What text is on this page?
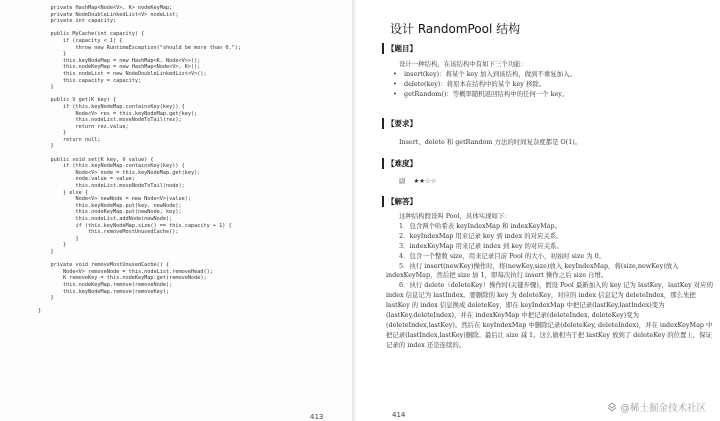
private HashMap<Node<V>, K> nodeKeyMap;
private NodeDoubleLinkedList<V> nodeList;
private int capacity;
public MyCache(int capacity) {
if (capacity < 1) {
throw new RuntimeException("should be more than 0.");
}
this.keyNodeMap = new HashMap<K, Node<V>>();
this.nodeKeyMap = new HashMap<Node<V>, K>();
this.nodeList = new NodeDoubleLinkedList<V>();
this.capacity = capacity;
}
public V get(K key) {
if (this.keyNodeMap.containsKey(key)) {
Node<V> res = this.keyNodeMap.get(key);
this.nodeList.moveNodeToTail(res);
return res.value;
}
return null;
}
public void set(K key, V value) {
if (this.keyNodeMap.containsKey(key)) {
Node<V> node = this.keyNodeMap.get(key);
node.value = value;
this.nodeList.moveNodeToTail(node);
} else {
Node<V> newNode = new Node<V>(value);
this.keyNodeMap.put(key, newNode);
this.nodeKeyMap.put(newNode, key);
this.nodeList.addNode(newNode);
if (this.keyNodeMap.size() == this.capacity + 1) {
this.removeMostUnusedCache();
}
}
}
private void removeMostUnusedCache() {
Node<V> removeNode = this.nodeList.removeHead();
K removeKey = this.nodeKeyMap.get(removeNode);
this.nodeKeyMap.remove(removeNode);
this.keyNodeMap.remove(removeKey);
}
}
413
设计 RandomPool 结构
【题目】
设计一种结构，在该结构中有如下三个功能：
• insert(key)：将某个 key 加入到该结构，做到不重复加入。
• delete(key)：将原本在结构中的某个 key 移除。
• getRandom()：等概率随机返回结构中的任何一个 key。
【要求】
Insert、delete 和 getRandom 方法的时间复杂度都是 O(1)。
【难度】
尉 ★★☆☆
【解答】
这种结构假设叫 Pool，具体实现如下：
1．包含两个哈希表 keyIndexMap 和 indexKeyMap。
2．keyIndexMap 用来记录 key 到 index 的对应关系。
3．indexKeyMap 用来记录 index 到 key 的对应关系。
4．包含一个整数 size，用来记录目前 Pool 的大小，初始时 size 为 0。
5．执行 insert(newKey)操作时，将(newKey,size)放入 keyIndexMap，将(size,newKey)放入 indexKeyMap，然后把 size 加 1，即每次执行 insert 操作之后 size 自增。
6．执行 delete（deleteKey）操作时(关键步骤)，假设 Pool 最新加入的 key 记为 lastKey，lastKey 对应的 index 信息记为 lastIndex。要删除的 key 为 deleteKey，对应的 index 信息记为 deleteIndex，那么先把 lastKey 的 index 信息换成 deleteKey，即在 keyIndexMap 中把记录(lastKey,lastIndex)变为(lastKey,deleteIndex)，并在 indexKeyMap 中把记录(deleteIndex, deleteKey)变为(deleteIndex,lastKey)。然后在 keyIndexMap 中删除记录(deleteKey, deleteIndex)，并在 indexKeyMap 中把记录(lastIndex,lastKey)删除。最后让 size 减 1。这么做相当于把 lastKey 放到了 deleteKey 的位置上，保证记录的 index 还是连续的。
414
@稀土掘金技术社区
